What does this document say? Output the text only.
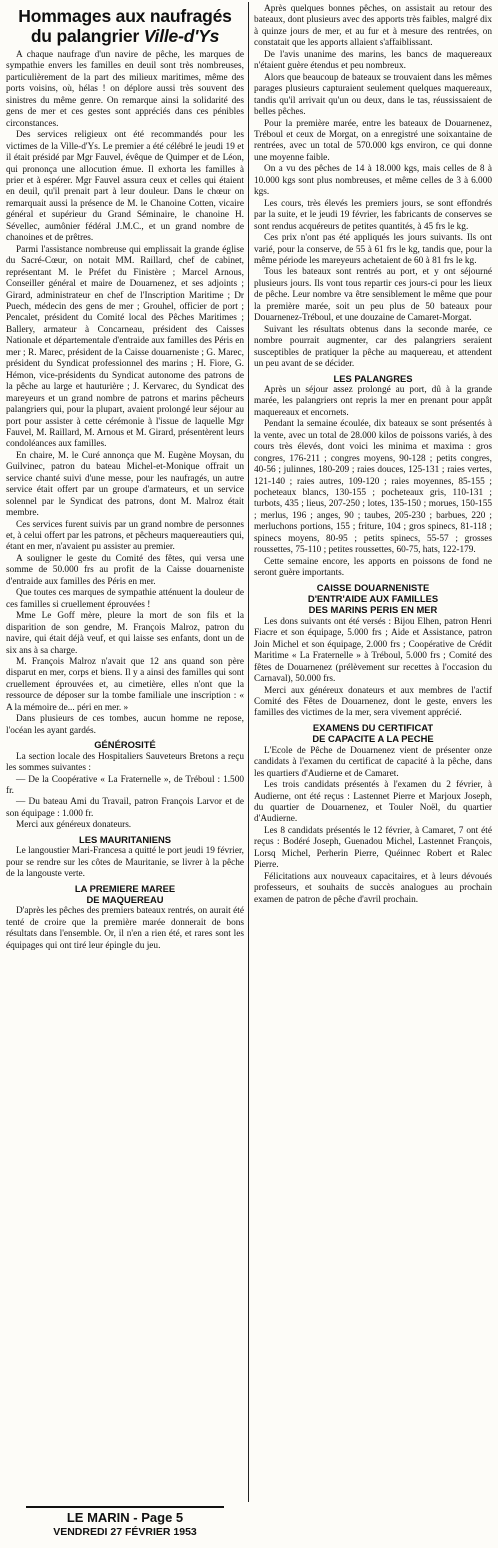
Hommages aux naufragés
du palangrier Ville-d'Ys

A chaque naufrage d'un navire de pêche, les marques de sympathie envers les familles en deuil sont très nombreuses, particulièrement de la part des milieux maritimes, même des ports voisins, où, hélas ! on déplore aussi très souvent des sinistres du même genre. On remarque ainsi la solidarité des gens de mer et ces gestes sont appréciés dans ces pénibles circonstances.

Des services religieux ont été recommandés pour les victimes de la Ville-d'Ys. Le premier a été célébré le jeudi 19 et il était présidé par Mgr Fauvel, évêque de Quimper et de Léon, qui prononça une allocution émue. Il exhorta les familles à prier et à espérer. Mgr Fauvel assura ceux et celles qui étaient en deuil, qu'il prenait part à leur douleur. Dans le chœur on remarquait aussi la présence de M. le Chanoine Cotten, vicaire général et supérieur du Grand Séminaire, le chanoine H. Sévellec, aumônier fédéral J.M.C., et un grand nombre de chanoines et de prêtres.

Parmi l'assistance nombreuse qui emplissait la grande église du Sacré-Cœur, on notait MM. Raillard, chef de cabinet, représentant M. le Préfet du Finistère ; Marcel Arnous, Conseiller général et maire de Douarnenez, et ses adjoints ; Girard, administrateur en chef de l'Inscription Maritime ; Dr Puech, médecin des gens de mer ; Grouhel, officier de port ; Pencalet, président du Comité local des Pêches Maritimes ; Ballery, armateur à Concarneau, président des Caisses Nationale et départementale d'entraide aux familles des Péris en mer ; R. Marec, président de la Caisse douarneniste ; G. Marec, président du Syndicat professionnel des marins ; H. Fiore, G. Hémon, vice-présidents du Syndicat autonome des patrons de la pêche au large et hauturière ; J. Kervarec, du Syndicat des mareyeurs et un grand nombre de patrons et marins pêcheurs palangriers qui, pour la plupart, avaient prolongé leur séjour au port pour assister à cette cérémonie à l'issue de laquelle Mgr Fauvel, M. Raillard, M. Arnous et M. Girard, présentèrent leurs condoléances aux familles.

En chaire, M. le Curé annonça que M. Eugène Moysan, du Guilvinec, patron du bateau Michel-et-Monique offrait un service chanté suivi d'une messe, pour les naufragés, un autre service était offert par un groupe d'armateurs, et un service solennel par le Syndicat des patrons, dont M. Malroz était membre.

Ces services furent suivis par un grand nombre de personnes et, à celui offert par les patrons, et pêcheurs maquereautiers qui, étant en mer, n'avaient pu assister au premier.

A souligner le geste du Comité des fêtes, qui versa une somme de 50.000 frs au profit de la Caisse douarneniste d'entraide aux familles des Péris en mer.

Que toutes ces marques de sympathie atténuent la douleur de ces familles si cruellement éprouvées !

Mme Le Goff mère, pleure la mort de son fils et la disparition de son gendre, M. François Malroz, patron du navire, qui était déjà veuf, et qui laisse ses enfants, dont un de six ans à sa charge.

M. François Malroz n'avait que 12 ans quand son père disparut en mer, corps et biens. Il y a ainsi des familles qui sont cruellement éprouvées et, au cimetière, elles n'ont que la ressource de déposer sur la tombe familiale une inscription : « A la mémoire de... péri en mer. »

Dans plusieurs de ces tombes, aucun homme ne repose, l'océan les ayant gardés.

GÉNÉROSITÉ

La section locale des Hospitaliers Sauveteurs Bretons a reçu les sommes suivantes :

— De la Coopérative « La Fraternelle », de Tréboul : 1.500 fr.

— Du bateau Ami du Travail, patron François Larvor et de son équipage : 1.000 fr.

Merci aux généreux donateurs.

LES MAURITANIENS

Le langoustier Mari-Francesa a quitté le port jeudi 19 février, pour se rendre sur les côtes de Mauritanie, se livrer à la pêche de la langouste verte.

LA PREMIERE MAREE
DE MAQUEREAU

D'après les pêches des premiers bateaux rentrés, on aurait été tenté de croire que la première marée donnerait de bons résultats dans l'ensemble. Or, il n'en a rien été, et rares sont les équipages qui ont tiré leur épingle du jeu.

Après quelques bonnes pêches, on assistait au retour des bateaux, dont plusieurs avec des apports très faibles, malgré dix à quinze jours de mer, et au fur et à mesure des rentrées, on constatait que les apports allaient s'affaiblissant.

De l'avis unanime des marins, les bancs de maquereaux n'étaient guère étendus et peu nombreux.

Alors que beaucoup de bateaux se trouvaient dans les mêmes parages plusieurs capturaient seulement quelques maquereaux, tandis qu'il arrivait qu'un ou deux, dans le tas, réussissaient de belles pêches.

Pour la première marée, entre les bateaux de Douarnenez, Tréboul et ceux de Morgat, on a enregistré une soixantaine de rentrées, avec un total de 570.000 kgs environ, ce qui donne une moyenne faible.

On a vu des pêches de 14 à 18.000 kgs, mais celles de 8 à 10.000 kgs sont plus nombreuses, et même celles de 3 à 6.000 kgs.

Les cours, très élevés les premiers jours, se sont effondrés par la suite, et le jeudi 19 février, les fabricants de conserves se sont rendus acquéreurs de petites quantités, à 45 frs le kg.

Ces prix n'ont pas été appliqués les jours suivants. Ils ont varié, pour la conserve, de 55 à 61 frs le kg, tandis que, pour la même période les mareyeurs achetaient de 60 à 81 frs le kg.

Tous les bateaux sont rentrés au port, et y ont séjourné plusieurs jours. Ils vont tous repartir ces jours-ci pour les lieux de pêche. Leur nombre va être sensiblement le même que pour la première marée, soit un peu plus de 50 bateaux pour Douarnenez-Tréboul, et une douzaine de Camaret-Morgat.

Suivant les résultats obtenus dans la seconde marée, ce nombre pourrait augmenter, car des palangriers seraient susceptibles de pratiquer la pêche au maquereau, et attendent un peu avant de se décider.

LES PALANGRES

Après un séjour assez prolongé au port, dû à la grande marée, les palangriers ont repris la mer en prenant pour appât maquereaux et encornets.

Pendant la semaine écoulée, dix bateaux se sont présentés à la vente, avec un total de 28.000 kilos de poissons variés, à des cours très élevés, dont voici les minima et maxima : gros congres, 176-211 ; congres moyens, 90-128 ; petits congres, 40-56 ; julinnes, 180-209 ; raies douces, 125-131 ; raies vertes, 121-140 ; raies autres, 109-120 ; raies moyennes, 85-155 ; pocheteaux blancs, 130-155 ; pocheteaux gris, 110-131 ; turbots, 435 ; lieus, 207-250 ; lotes, 135-150 ; morues, 150-155 ; merlus, 196 ; anges, 90 ; taubes, 205-230 ; barbues, 220 ; merluchons portions, 155 ; friture, 104 ; gros spinecs, 81-118 ; spinecs moyens, 80-95 ; petits spinecs, 55-57 ; grosses roussettes, 75-110 ; petites roussettes, 60-75, hats, 122-179.

Cette semaine encore, les apports en poissons de fond ne seront guère importants.

CAISSE DOUARNENISTE
D'ENTR'AIDE AUX FAMILLES
DES MARINS PERIS EN MER

Les dons suivants ont été versés : Bijou Elhen, patron Henri Fiacre et son équipage, 5.000 frs ; Aide et Assistance, patron Join Michel et son équipage, 2.000 frs ; Coopérative de Crédit Maritime « La Fraternelle » à Tréboul, 5.000 frs ; Comité des fêtes de Douarnenez (prélèvement sur recettes à l'occasion du Carnaval), 50.000 frs.

Merci aux généreux donateurs et aux membres de l'actif Comité des Fêtes de Douarnenez, dont le geste, envers les familles des victimes de la mer, sera vivement apprécié.

EXAMENS DU CERTIFICAT
DE CAPACITE A LA PECHE

L'Ecole de Pêche de Douarnenez vient de présenter onze candidats à l'examen du certificat de capacité à la pêche, dans les quartiers d'Audierne et de Camaret.

Les trois candidats présentés à l'examen du 2 février, à Audierne, ont été reçus : Lastennet Pierre et Marjoux Joseph, du quartier de Douarnenez, et Touler Noël, du quartier d'Audierne.

Les 8 candidats présentés le 12 février, à Camaret, 7 ont été reçus : Bodéré Joseph, Guenadou Michel, Lastennet François, Lorsq Michel, Perherin Pierre, Quéinnec Robert et Ralec Pierre.

Félicitations aux nouveaux capacitaires, et à leurs dévoués professeurs, et souhaits de succès analogues au prochain examen de patron de pêche d'avril prochain.

LE MARIN - Page 5
VENDREDI 27 FÉVRIER 1953
